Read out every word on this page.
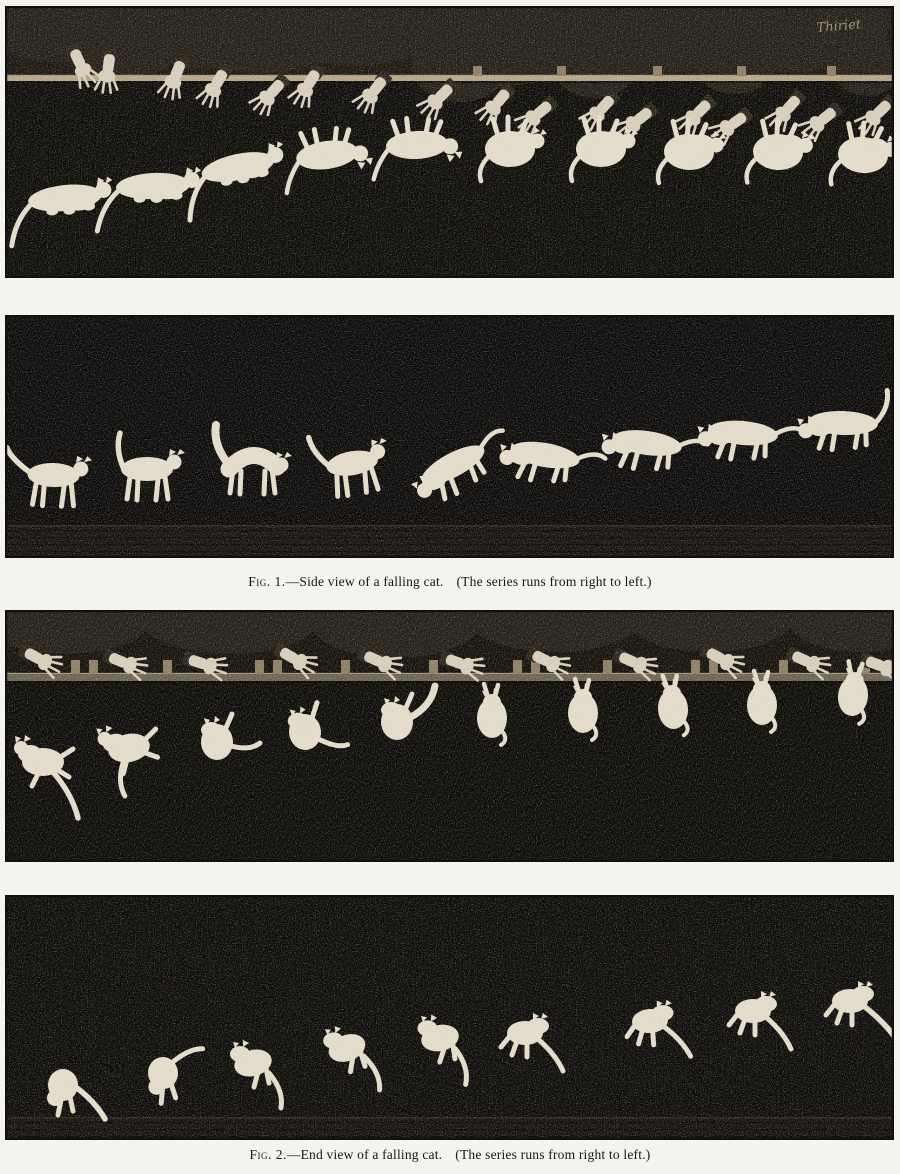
Thiriet
Fig. 1.—Side view of a falling cat. (The series runs from right to left.)
Fig. 2.—End view of a falling cat. (The series runs from right to left.)
